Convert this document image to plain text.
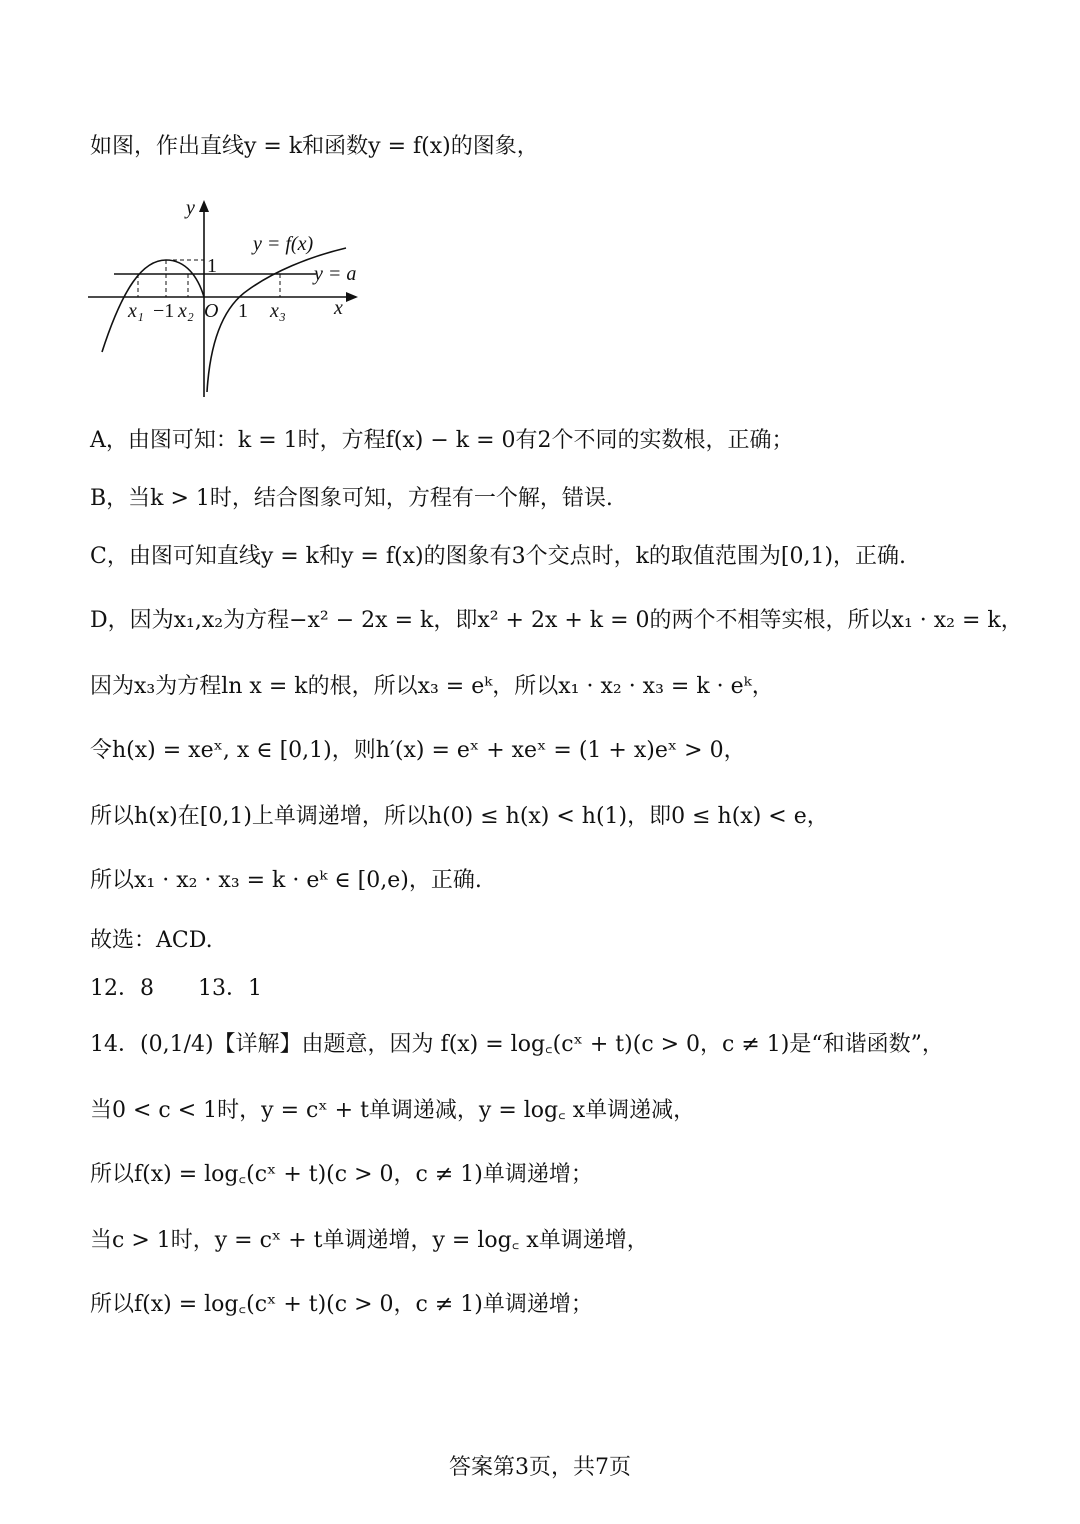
如图，作出直线y = k和函数y = f(x)的图象，
y
x
y = f(x)
y = a
1
O
x₁ −1 x₂ 1 x₃
A，由图可知：k = 1时，方程f(x) − k = 0有2个不同的实数根，正确；
B，当k > 1时，结合图象可知，方程有一个解，错误.
C，由图可知直线y = k和y = f(x)的图象有3个交点时，k的取值范围为[0,1)，正确.
D，因为x₁,x₂为方程−x² − 2x = k，即x² + 2x + k = 0的两个不相等实根，所以x₁ · x₂ = k，
因为x₃为方程ln x = k的根，所以x₃ = eᵏ，所以x₁ · x₂ · x₃ = k · eᵏ，
令h(x) = xeˣ, x ∈ [0,1)，则h′(x) = eˣ + xeˣ = (1 + x)eˣ > 0，
所以h(x)在[0,1)上单调递增，所以h(0) ≤ h(x) < h(1)，即0 ≤ h(x) < e，
所以x₁ · x₂ · x₃ = k · eᵏ ∈ [0,e)，正确.
故选：ACD.
12．8　　13．1
14．(0,1/4)【详解】由题意，因为 f(x) = log꜀(cˣ + t)(c > 0，c ≠ 1)是“和谐函数”，
当0 < c < 1时，y = cˣ + t单调递减，y = log꜀ x单调递减，
所以f(x) = log꜀(cˣ + t)(c > 0，c ≠ 1)单调递增；
当c > 1时，y = cˣ + t单调递增，y = log꜀ x单调递增，
所以f(x) = log꜀(cˣ + t)(c > 0，c ≠ 1)单调递增；
答案第3页，共7页
